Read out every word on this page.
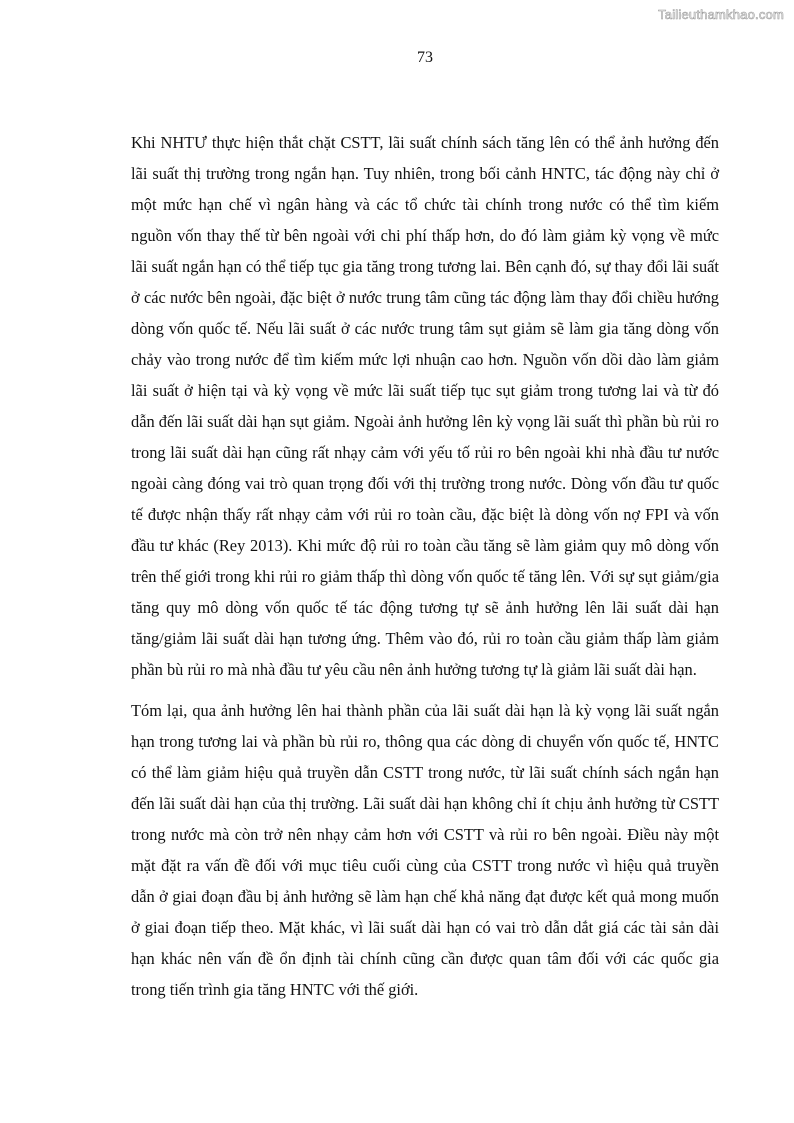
Tailieuthamkhao.com
73

Khi NHTƯ thực hiện thắt chặt CSTT, lãi suất chính sách tăng lên có thể ảnh hưởng đến lãi suất thị trường trong ngắn hạn. Tuy nhiên, trong bối cảnh HNTC, tác động này chỉ ở một mức hạn chế vì ngân hàng và các tổ chức tài chính trong nước có thể tìm kiếm nguồn vốn thay thế từ bên ngoài với chi phí thấp hơn, do đó làm giảm kỳ vọng về mức lãi suất ngắn hạn có thể tiếp tục gia tăng trong tương lai. Bên cạnh đó, sự thay đổi lãi suất ở các nước bên ngoài, đặc biệt ở nước trung tâm cũng tác động làm thay đổi chiều hướng dòng vốn quốc tế. Nếu lãi suất ở các nước trung tâm sụt giảm sẽ làm gia tăng dòng vốn chảy vào trong nước để tìm kiếm mức lợi nhuận cao hơn. Nguồn vốn dồi dào làm giảm lãi suất ở hiện tại và kỳ vọng về mức lãi suất tiếp tục sụt giảm trong tương lai và từ đó dẫn đến lãi suất dài hạn sụt giảm. Ngoài ảnh hưởng lên kỳ vọng lãi suất thì phần bù rủi ro trong lãi suất dài hạn cũng rất nhạy cảm với yếu tố rủi ro bên ngoài khi nhà đầu tư nước ngoài càng đóng vai trò quan trọng đối với thị trường trong nước. Dòng vốn đầu tư quốc tế được nhận thấy rất nhạy cảm với rủi ro toàn cầu, đặc biệt là dòng vốn nợ FPI và vốn đầu tư khác (Rey 2013). Khi mức độ rủi ro toàn cầu tăng sẽ làm giảm quy mô dòng vốn trên thế giới trong khi rủi ro giảm thấp thì dòng vốn quốc tế tăng lên. Với sự sụt giảm/gia tăng quy mô dòng vốn quốc tế tác động tương tự sẽ ảnh hưởng lên lãi suất dài hạn tăng/giảm lãi suất dài hạn tương ứng. Thêm vào đó, rủi ro toàn cầu giảm thấp làm giảm phần bù rủi ro mà nhà đầu tư yêu cầu nên ảnh hưởng tương tự là giảm lãi suất dài hạn.

Tóm lại, qua ảnh hưởng lên hai thành phần của lãi suất dài hạn là kỳ vọng lãi suất ngắn hạn trong tương lai và phần bù rủi ro, thông qua các dòng di chuyển vốn quốc tế, HNTC có thể làm giảm hiệu quả truyền dẫn CSTT trong nước, từ lãi suất chính sách ngắn hạn đến lãi suất dài hạn của thị trường. Lãi suất dài hạn không chỉ ít chịu ảnh hưởng từ CSTT trong nước mà còn trở nên nhạy cảm hơn với CSTT và rủi ro bên ngoài. Điều này một mặt đặt ra vấn đề đối với mục tiêu cuối cùng của CSTT trong nước vì hiệu quả truyền dẫn ở giai đoạn đầu bị ảnh hưởng sẽ làm hạn chế khả năng đạt được kết quả mong muốn ở giai đoạn tiếp theo. Mặt khác, vì lãi suất dài hạn có vai trò dẫn dắt giá các tài sản dài hạn khác nên vấn đề ổn định tài chính cũng cần được quan tâm đối với các quốc gia trong tiến trình gia tăng HNTC với thế giới.
